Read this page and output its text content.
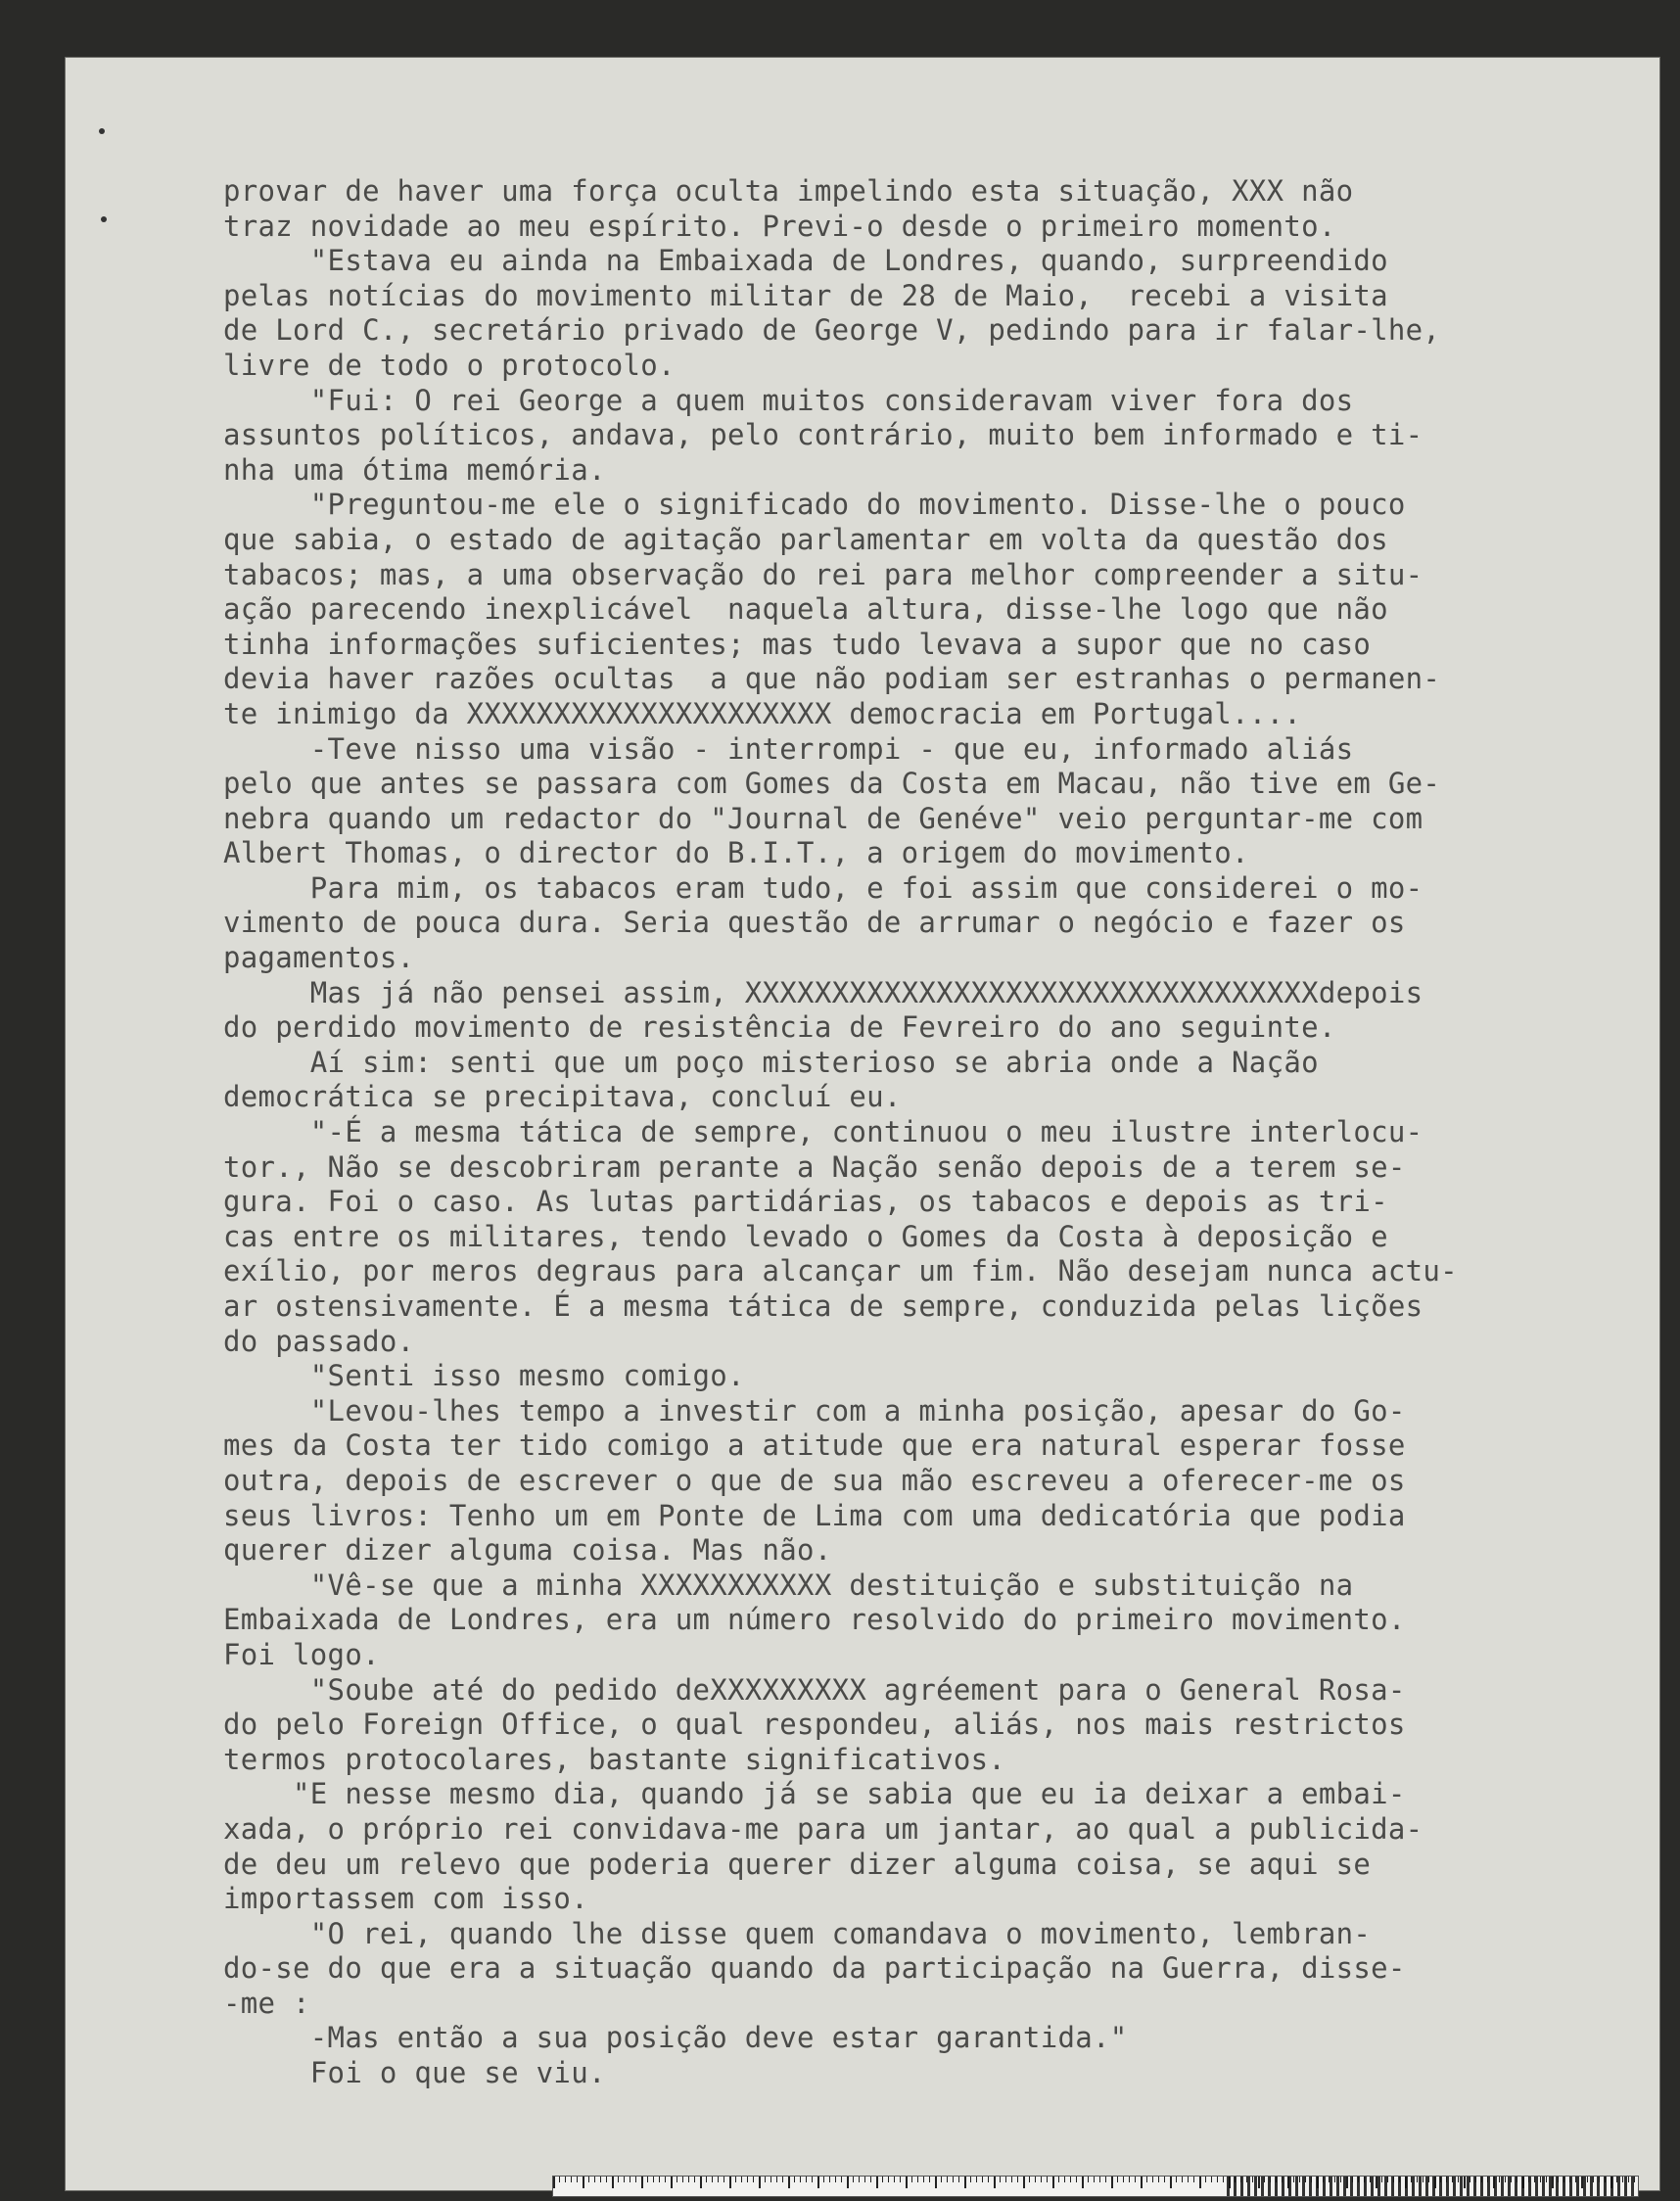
provar de haver uma força oculta impelindo esta situação, XXX não
traz novidade ao meu espírito. Previ-o desde o primeiro momento.
"Estava eu ainda na Embaixada de Londres, quando, surpreendido
pelas notícias do movimento militar de 28 de Maio,  recebi a visita
de Lord C., secretário privado de George V, pedindo para ir falar-lhe,
livre de todo o protocolo.
"Fui: O rei George a quem muitos consideravam viver fora dos
assuntos políticos, andava, pelo contrário, muito bem informado e ti-
nha uma ótima memória.
"Preguntou-me ele o significado do movimento. Disse-lhe o pouco
que sabia, o estado de agitação parlamentar em volta da questão dos
tabacos; mas, a uma observação do rei para melhor compreender a situ-
ação parecendo inexplicável  naquela altura, disse-lhe logo que não
tinha informações suficientes; mas tudo levava a supor que no caso
devia haver razões ocultas  a que não podiam ser estranhas o permanen-
te inimigo da XXXXXXXXXXXXXXXXXXXXX democracia em Portugal....
-Teve nisso uma visão - interrompi - que eu, informado aliás
pelo que antes se passara com Gomes da Costa em Macau, não tive em Ge-
nebra quando um redactor do "Journal de Genéve" veio perguntar-me com
Albert Thomas, o director do B.I.T., a origem do movimento.
Para mim, os tabacos eram tudo, e foi assim que considerei o mo-
vimento de pouca dura. Seria questão de arrumar o negócio e fazer os
pagamentos.
Mas já não pensei assim, XXXXXXXXXXXXXXXXXXXXXXXXXXXXXXXXXdepois
do perdido movimento de resistência de Fevreiro do ano seguinte.
Aí sim: senti que um poço misterioso se abria onde a Nação
democrática se precipitava, concluí eu.
"-É a mesma tática de sempre, continuou o meu ilustre interlocu-
tor., Não se descobriram perante a Nação senão depois de a terem se-
gura. Foi o caso. As lutas partidárias, os tabacos e depois as tri-
cas entre os militares, tendo levado o Gomes da Costa à deposição e
exílio, por meros degraus para alcançar um fim. Não desejam nunca actu-
ar ostensivamente. É a mesma tática de sempre, conduzida pelas lições
do passado.
"Senti isso mesmo comigo.
"Levou-lhes tempo a investir com a minha posição, apesar do Go-
mes da Costa ter tido comigo a atitude que era natural esperar fosse
outra, depois de escrever o que de sua mão escreveu a oferecer-me os
seus livros: Tenho um em Ponte de Lima com uma dedicatória que podia
querer dizer alguma coisa. Mas não.
"Vê-se que a minha XXXXXXXXXXX destituição e substituição na
Embaixada de Londres, era um número resolvido do primeiro movimento.
Foi logo.
"Soube até do pedido deXXXXXXXXX agréement para o General Rosa-
do pelo Foreign Office, o qual respondeu, aliás, nos mais restrictos
termos protocolares, bastante significativos.
"E nesse mesmo dia, quando já se sabia que eu ia deixar a embai-
xada, o próprio rei convidava-me para um jantar, ao qual a publicida-
de deu um relevo que poderia querer dizer alguma coisa, se aqui se
importassem com isso.
"O rei, quando lhe disse quem comandava o movimento, lembran-
do-se do que era a situação quando da participação na Guerra, disse-
-me :
-Mas então a sua posição deve estar garantida."
Foi o que se viu.
